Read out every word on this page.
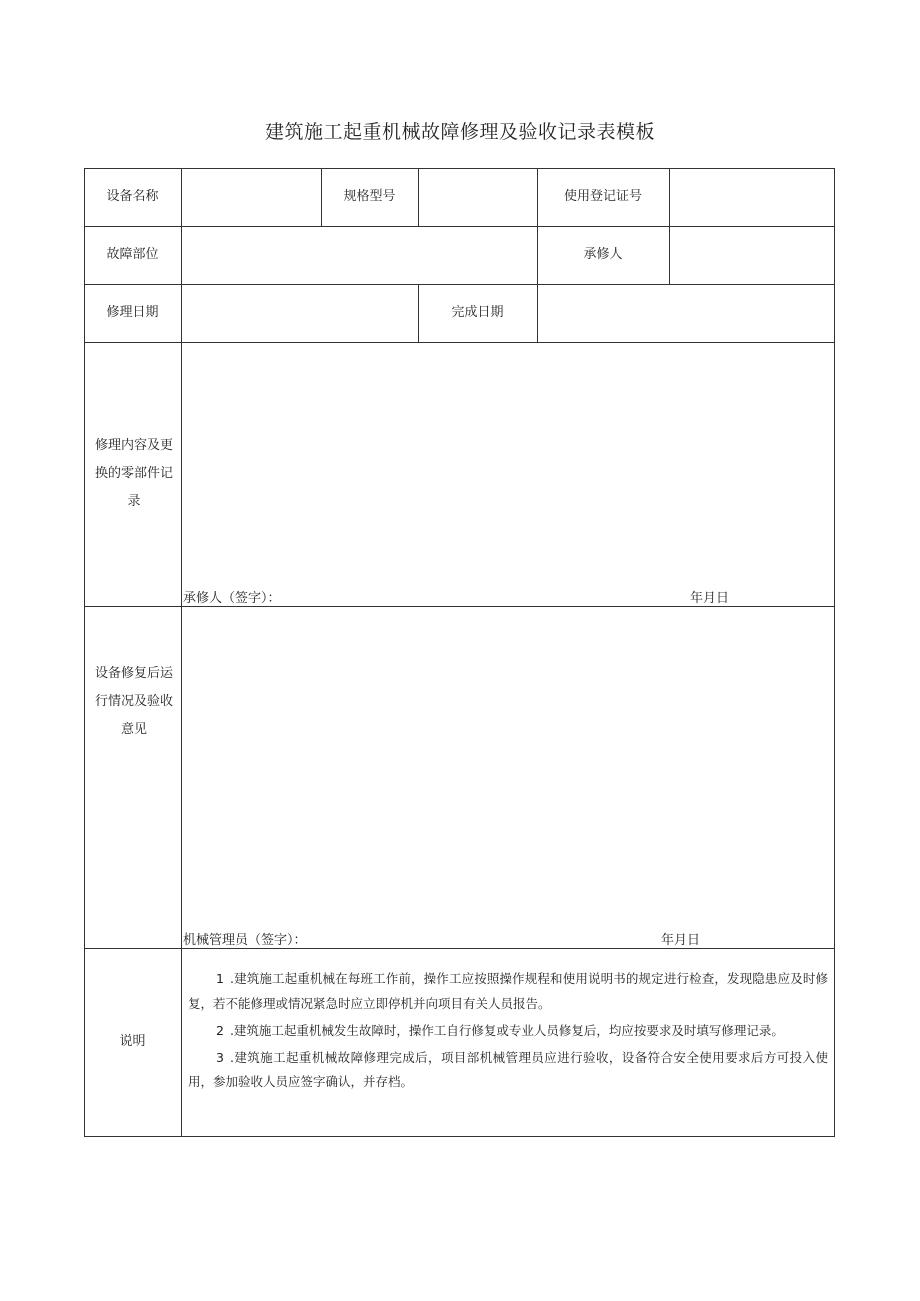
建筑施工起重机械故障修理及验收记录表模板
设备名称	规格型号	使用登记证号
故障部位	承修人
修理日期	完成日期
修理内容及更换的零部件记录
承修人（签字）：	年月日
设备修复后运行情况及验收意见
机械管理员（签字）：	年月日
说明

1 .建筑施工起重机械在每班工作前，操作工应按照操作规程和使用说明书的规定进行检查，发现隐患应及时修复，若不能修理或情况紧急时应立即停机并向项目有关人员报告。

2 .建筑施工起重机械发生故障时，操作工自行修复或专业人员修复后，均应按要求及时填写修理记录。

3 .建筑施工起重机械故障修理完成后，项目部机械管理员应进行验收，设备符合安全使用要求后方可投入使用，参加验收人员应签字确认，并存档。
